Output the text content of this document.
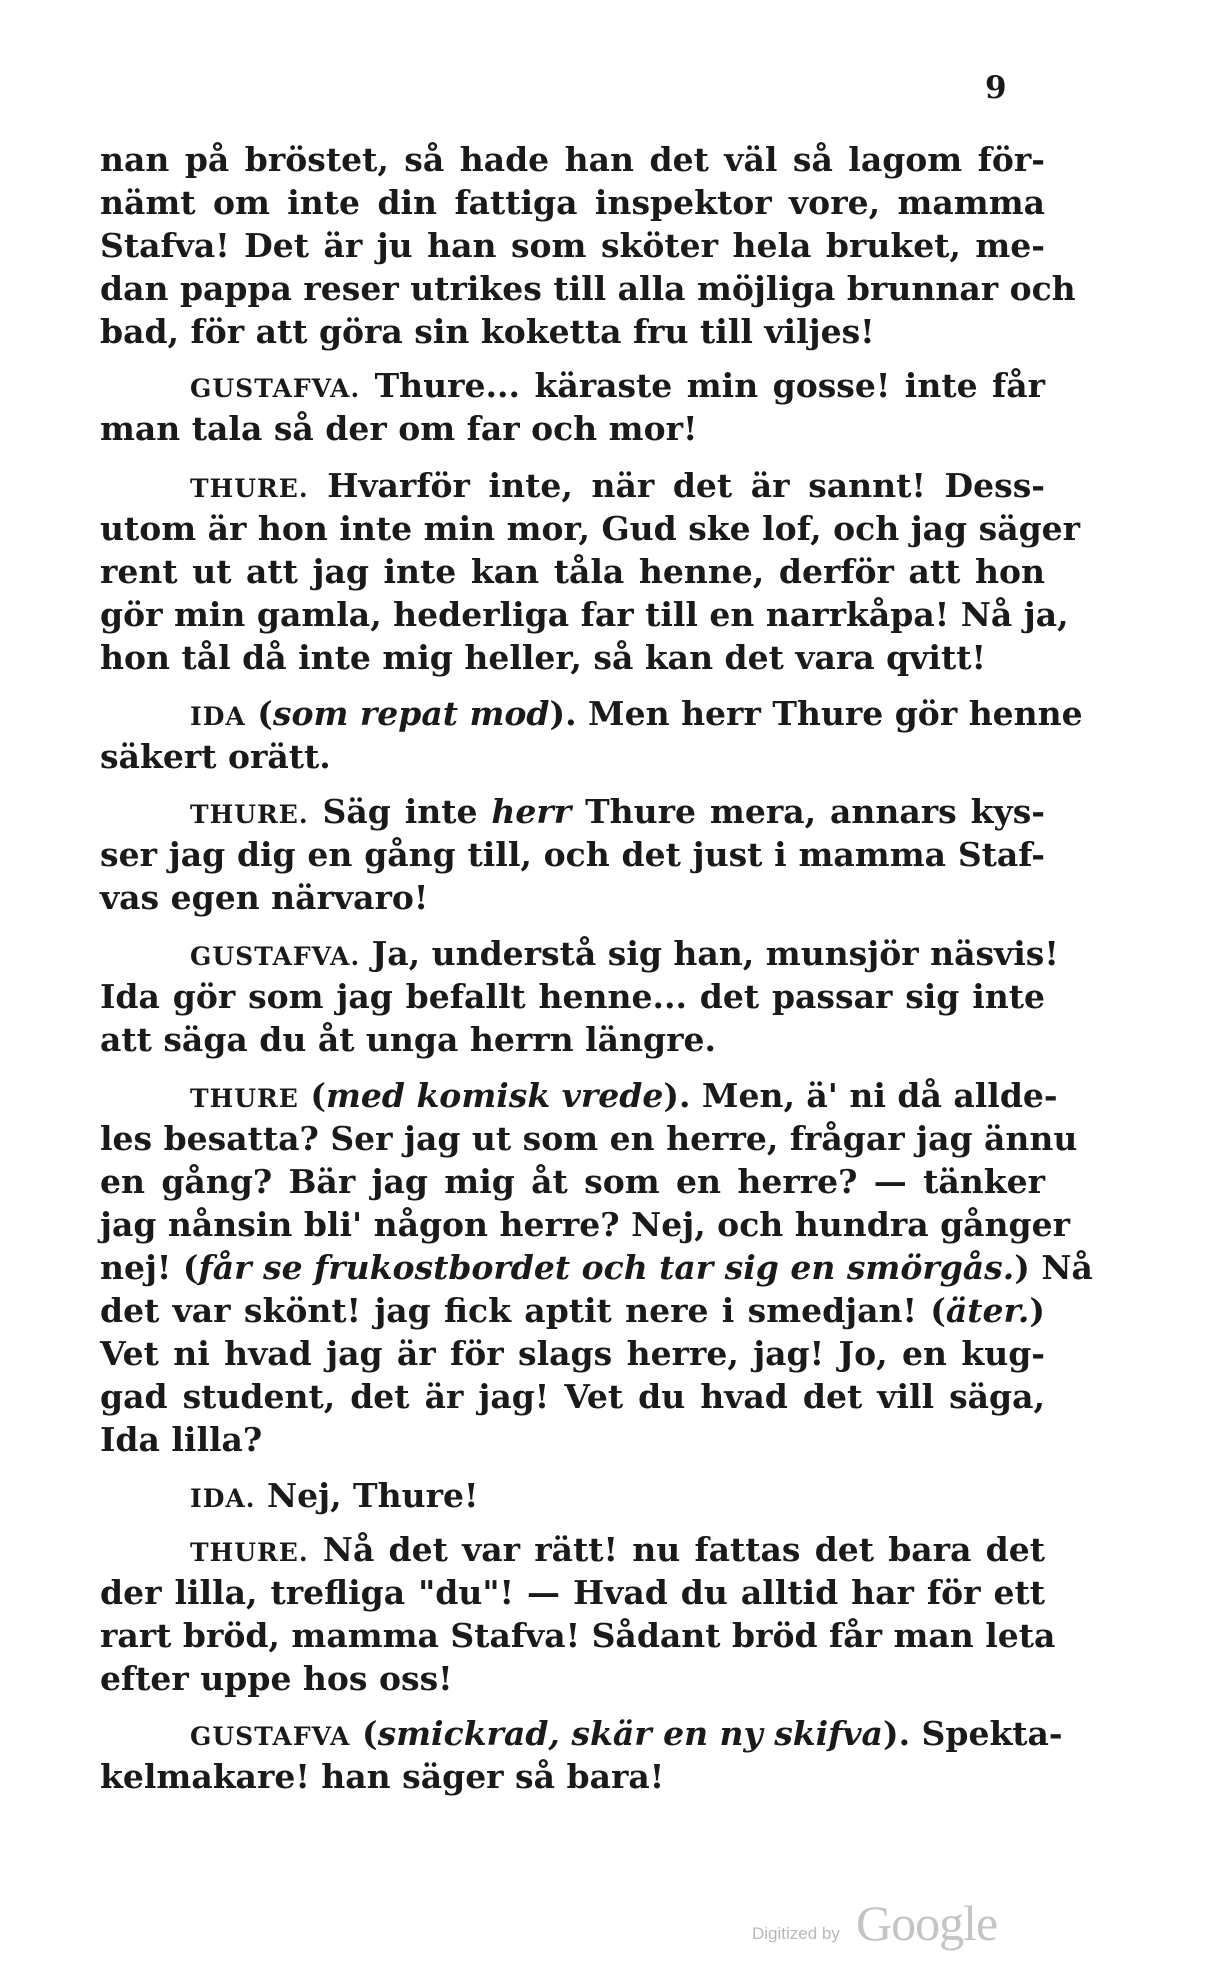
9
nan på bröstet, så hade han det väl så lagom för-
nämt om inte din fattiga inspektor vore, mamma
Stafva! Det är ju han som sköter hela bruket, me-
dan pappa reser utrikes till alla möjliga brunnar och
bad, för att göra sin koketta fru till viljes!
GUSTAFVA. Thure... käraste min gosse! inte får
man tala så der om far och mor!
THURE. Hvarför inte, när det är sannt! Dess-
utom är hon inte min mor, Gud ske lof, och jag säger
rent ut att jag inte kan tåla henne, derför att hon
gör min gamla, hederliga far till en narrkåpa! Nå ja,
hon tål då inte mig heller, så kan det vara qvitt!
IDA (som repat mod). Men herr Thure gör henne
säkert orätt.
THURE. Säg inte herr Thure mera, annars kys-
ser jag dig en gång till, och det just i mamma Staf-
vas egen närvaro!
GUSTAFVA. Ja, understå sig han, munsjör näsvis!
Ida gör som jag befallt henne... det passar sig inte
att säga du åt unga herrn längre.
THURE (med komisk vrede). Men, ä' ni då allde-
les besatta? Ser jag ut som en herre, frågar jag ännu
en gång? Bär jag mig åt som en herre? — tänker
jag nånsin bli' någon herre? Nej, och hundra gånger
nej! (får se frukostbordet och tar sig en smörgås.) Nå
det var skönt! jag fick aptit nere i smedjan! (äter.)
Vet ni hvad jag är för slags herre, jag! Jo, en kug-
gad student, det är jag! Vet du hvad det vill säga,
Ida lilla?
IDA. Nej, Thure!
THURE. Nå det var rätt! nu fattas det bara det
der lilla, trefliga "du"! — Hvad du alltid har för ett
rart bröd, mamma Stafva! Sådant bröd får man leta
efter uppe hos oss!
GUSTAFVA (smickrad, skär en ny skifva). Spekta-
kelmakare! han säger så bara!
Digitized by Google
